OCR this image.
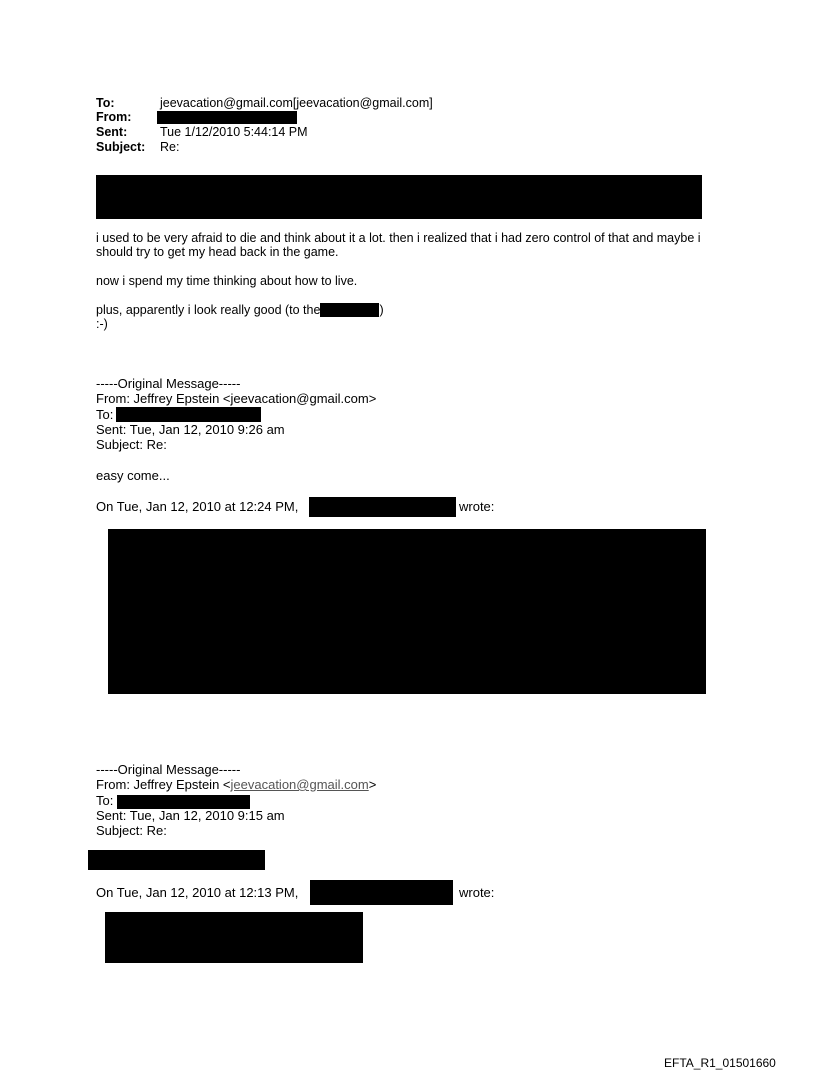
To:	jeevacation@gmail.com[jeevacation@gmail.com]
From:
Sent:	Tue 1/12/2010 5:44:14 PM
Subject: Re:
i used to be very afraid to die and think about it a lot. then i realized that i had zero control of that and maybe i
should try to get my head back in the game.
now i spend my time thinking about how to live.
plus, apparently i look really good (to the	)
:-)
-----Original Message-----
From: Jeffrey Epstein <jeevacation@gmail.com>
To:
Sent: Tue, Jan 12, 2010 9:26 am
Subject: Re:
easy come...
On Tue, Jan 12, 2010 at 12:24 PM,	wrote:
-----Original Message-----
From: Jeffrey Epstein <jeevacation@gmail.com>
To:
Sent: Tue, Jan 12, 2010 9:15 am
Subject: Re:
On Tue, Jan 12, 2010 at 12:13 PM,	wrote:
EFTA_R1_01501660
